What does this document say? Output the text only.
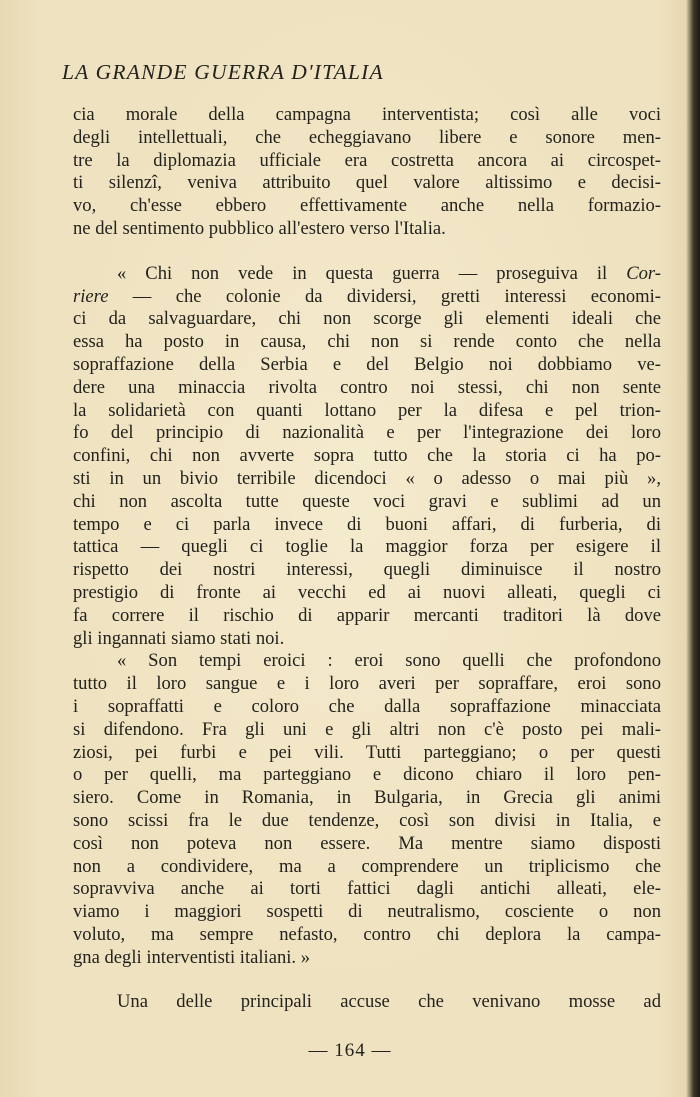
LA GRANDE GUERRA D'ITALIA

cia morale della campagna interventista; così alle voci
degli intellettuali, che echeggiavano libere e sonore men-
tre la diplomazia ufficiale era costretta ancora ai circospet-
ti silenzî, veniva attribuito quel valore altissimo e decisi-
vo, ch'esse ebbero effettivamente anche nella formazio-
ne del sentimento pubblico all'estero verso l'Italia.

« Chi non vede in questa guerra — proseguiva il Cor-
riere — che colonie da dividersi, gretti interessi economi-
ci da salvaguardare, chi non scorge gli elementi ideali che
essa ha posto in causa, chi non si rende conto che nella
sopraffazione della Serbia e del Belgio noi dobbiamo ve-
dere una minaccia rivolta contro noi stessi, chi non sente
la solidarietà con quanti lottano per la difesa e pel trion-
fo del principio di nazionalità e per l'integrazione dei loro
confini, chi non avverte sopra tutto che la storia ci ha po-
sti in un bivio terribile dicendoci « o adesso o mai più »,
chi non ascolta tutte queste voci gravi e sublimi ad un
tempo e ci parla invece di buoni affari, di furberia, di
tattica — quegli ci toglie la maggior forza per esigere il
rispetto dei nostri interessi, quegli diminuisce il nostro
prestigio di fronte ai vecchi ed ai nuovi alleati, quegli ci
fa correre il rischio di apparir mercanti traditori là dove
gli ingannati siamo stati noi.

« Son tempi eroici : eroi sono quelli che profondono
tutto il loro sangue e i loro averi per sopraffare, eroi sono
i sopraffatti e coloro che dalla sopraffazione minacciata
si difendono. Fra gli uni e gli altri non c'è posto pei mali-
ziosi, pei furbi e pei vili. Tutti parteggiano; o per questi
o per quelli, ma parteggiano e dicono chiaro il loro pen-
siero. Come in Romania, in Bulgaria, in Grecia gli animi
sono scissi fra le due tendenze, così son divisi in Italia, e
così non poteva non essere. Ma mentre siamo disposti
non a condividere, ma a comprendere un triplicismo che
sopravviva anche ai torti fattici dagli antichi alleati, ele-
viamo i maggiori sospetti di neutralismo, cosciente o non
voluto, ma sempre nefasto, contro chi deplora la campa-
gna degli interventisti italiani. »

Una delle principali accuse che venivano mosse ad

— 164 —
